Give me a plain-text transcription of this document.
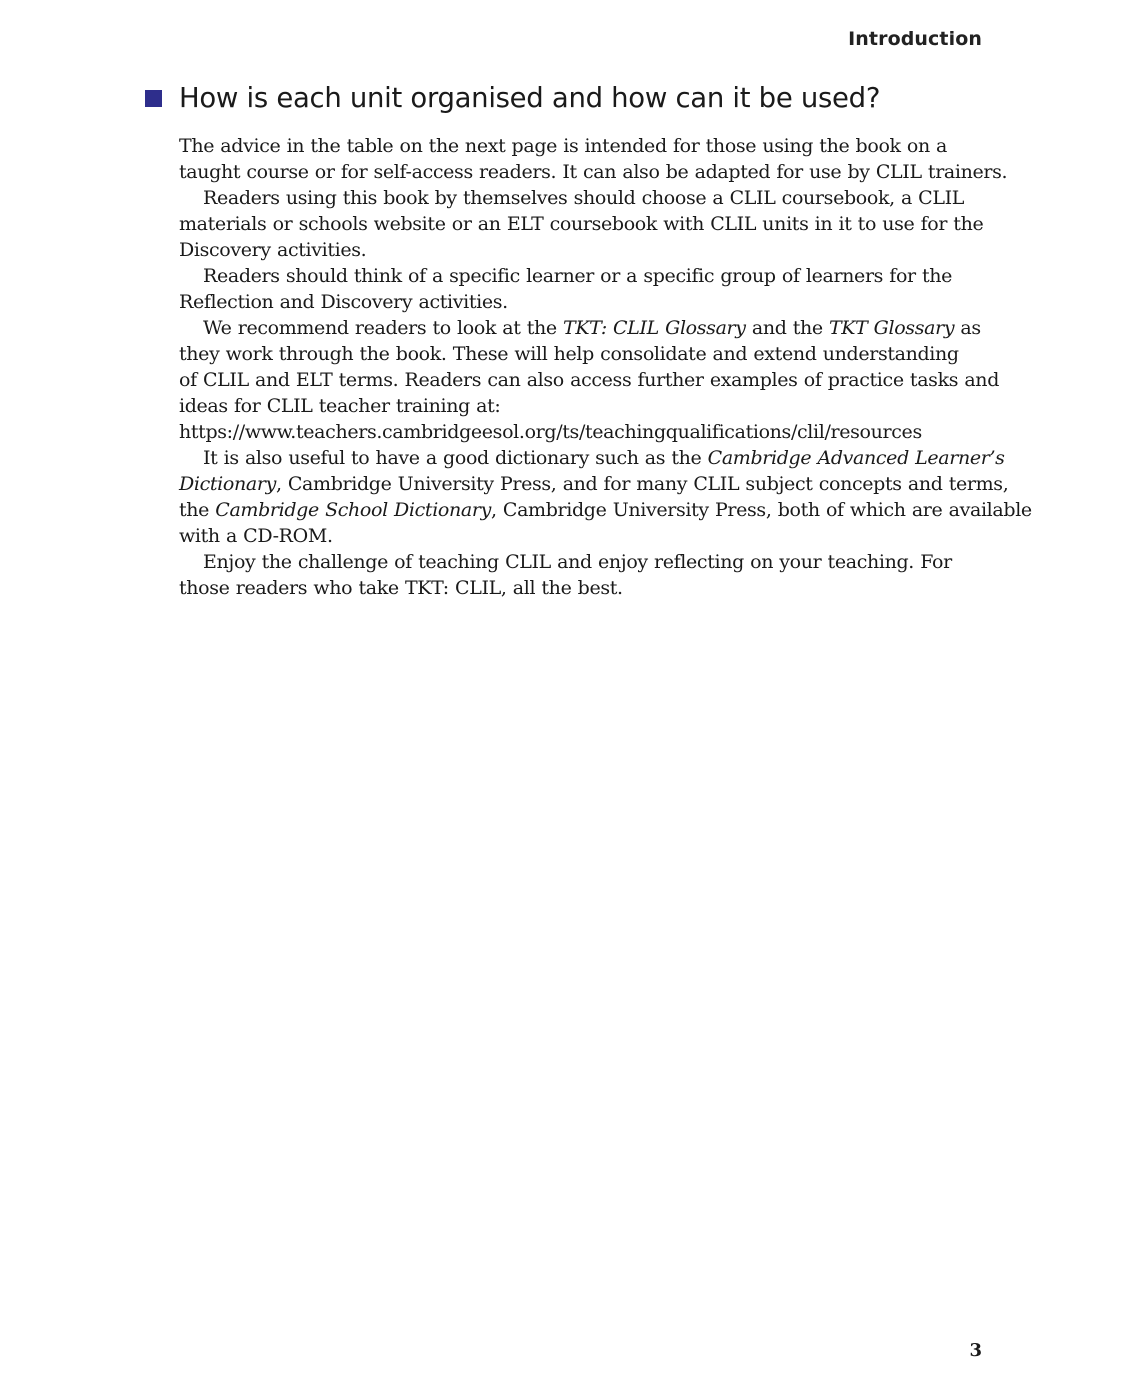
Introduction
How is each unit organised and how can it be used?
The advice in the table on the next page is intended for those using the book on a
taught course or for self-access readers. It can also be adapted for use by CLIL trainers.
Readers using this book by themselves should choose a CLIL coursebook, a CLIL
materials or schools website or an ELT coursebook with CLIL units in it to use for the
Discovery activities.
Readers should think of a specific learner or a specific group of learners for the
Reflection and Discovery activities.
We recommend readers to look at the TKT: CLIL Glossary and the TKT Glossary as
they work through the book. These will help consolidate and extend understanding
of CLIL and ELT terms. Readers can also access further examples of practice tasks and
ideas for CLIL teacher training at:
https://www.teachers.cambridgeesol.org/ts/teachingqualifications/clil/resources
It is also useful to have a good dictionary such as the Cambridge Advanced Learner’s
Dictionary, Cambridge University Press, and for many CLIL subject concepts and terms,
the Cambridge School Dictionary, Cambridge University Press, both of which are available
with a CD-ROM.
Enjoy the challenge of teaching CLIL and enjoy reflecting on your teaching. For
those readers who take TKT: CLIL, all the best.
3
